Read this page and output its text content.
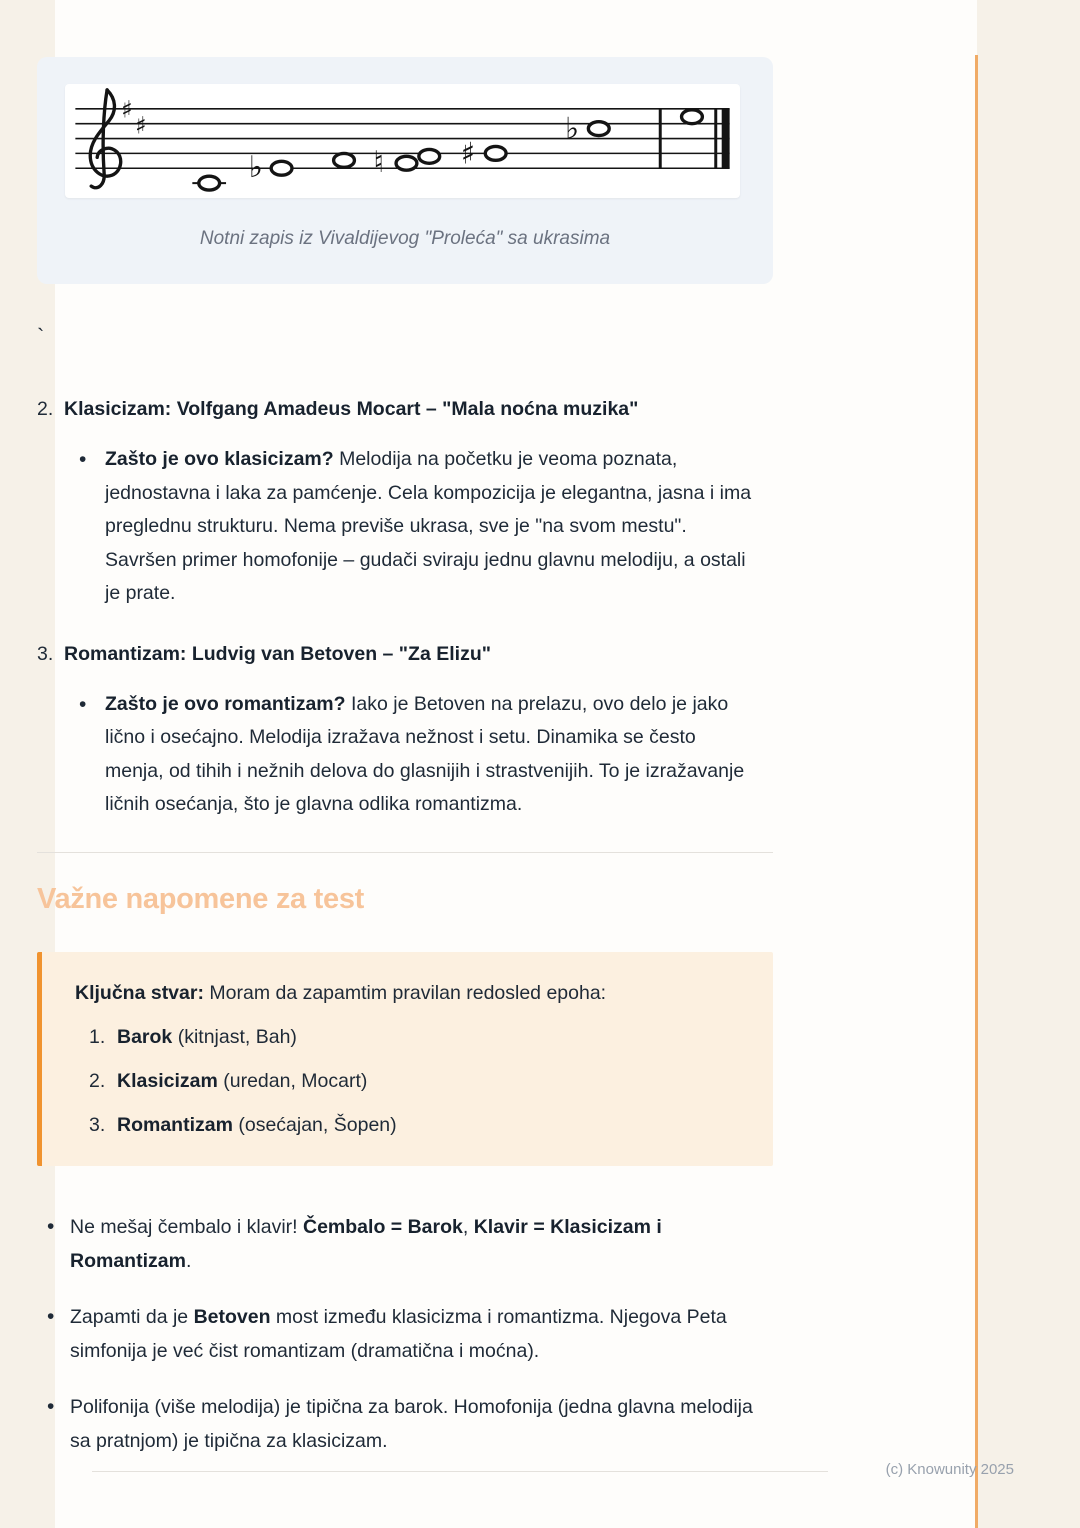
♯
♯
♭	♮	♯
♭
Notni zapis iz Vivaldijevog "Proleća" sa ukrasima
`
2. Klasicizam: Volfgang Amadeus Mocart – "Mala noćna muzika"
• Zašto je ovo klasicizam? Melodija na početku je veoma poznata, jednostavna i laka za pamćenje. Cela kompozicija je elegantna, jasna i ima preglednu strukturu. Nema previše ukrasa, sve je "na svom mestu". Savršen primer homofonije – gudači sviraju jednu glavnu melodiju, a ostali je prate.

3. Romantizam: Ludvig van Betoven – "Za Elizu"
• Zašto je ovo romantizam? Iako je Betoven na prelazu, ovo delo je jako lično i osećajno. Melodija izražava nežnost i setu. Dinamika se često menja, od tihih i nežnih delova do glasnijih i strastvenijih. To je izražavanje ličnih osećanja, što je glavna odlika romantizma.

Važne napomene za test

Ključna stvar: Moram da zapamtim pravilan redosled epoha:

1. Barok (kitnjast, Bah)
2. Klasicizam (uredan, Mocart)
3. Romantizam (osećajan, Šopen)
• Ne mešaj čembalo i klavir! Čembalo = Barok, Klavir = Klasicizam i Romantizam.

• Zapamti da je Betoven most između klasicizma i romantizma. Njegova Peta simfonija je već čist romantizam (dramatična i moćna).

• Polifonija (više melodija) je tipična za barok. Homofonija (jedna glavna melodija sa pratnjom) je tipična za klasicizam.

(c) Knowunity 2025
